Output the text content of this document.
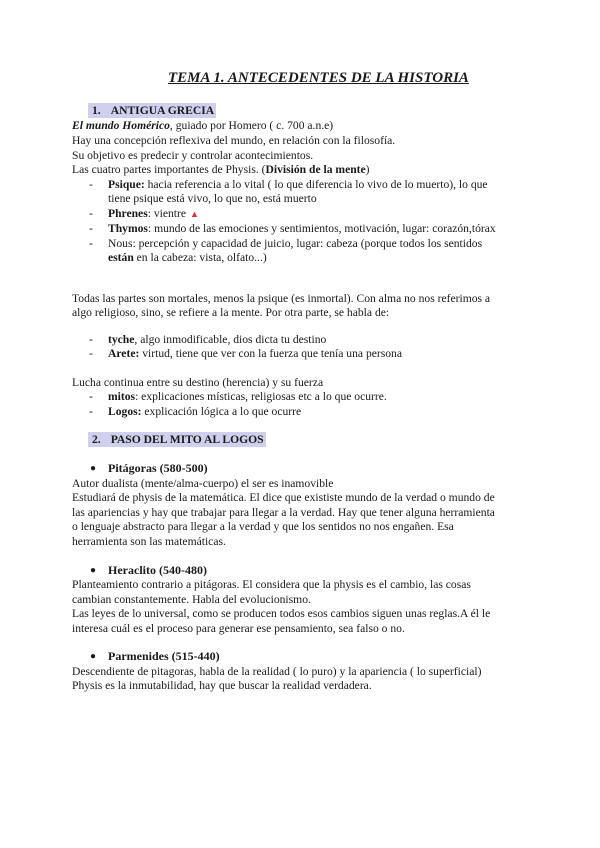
TEMA 1. ANTECEDENTES DE LA HISTORIA
1. ANTIGUA GRECIA
El mundo Homérico, guiado por Homero ( c. 700 a.n.e)
Hay una concepción reflexiva del mundo, en relación con la filosofía.
Su objetivo es predecir y controlar acontecimientos.
Las cuatro partes importantes de Physis. (División de la mente)
- Psique: hacia referencia a lo vital ( lo que diferencia lo vivo de lo muerto), lo que
tiene psique está vivo, lo que no, está muerto
- Phrenes: vientre ▲
- Thymos: mundo de las emociones y sentimientos, motivación, lugar: corazón,tórax
- Nous: percepción y capacidad de juicio, lugar: cabeza (porque todos los sentidos
están en la cabeza: vista, olfato...)
Todas las partes son mortales, menos la psique (es inmortal). Con alma no nos referimos a
algo religioso, sino, se refiere a la mente. Por otra parte, se habla de:
- tyche, algo inmodificable, dios dicta tu destino
- Arete: virtud, tiene que ver con la fuerza que tenía una persona
Lucha continua entre su destino (herencia) y su fuerza
- mitos: explicaciones místicas, religiosas etc a lo que ocurre.
- Logos: explicación lógica a lo que ocurre
2. PASO DEL MITO AL LOGOS
● Pitágoras (580-500)
Autor dualista (mente/alma-cuerpo) el ser es inamovible
Estudiará de physis de la matemática. El dice que exististe mundo de la verdad o mundo de
las apariencias y hay que trabajar para llegar a la verdad. Hay que tener alguna herramienta
o lenguaje abstracto para llegar a la verdad y que los sentidos no nos engañen. Esa
herramienta son las matemáticas.
● Heraclito (540-480)
Planteamiento contrario a pitágoras. El considera que la physis es el cambio, las cosas
cambian constantemente. Habla del evolucionismo.
Las leyes de lo universal, como se producen todos esos cambios siguen unas reglas.A él le
interesa cuál es el proceso para generar ese pensamiento, sea falso o no.
● Parmenides (515-440)
Descendiente de pitagoras, habla de la realidad ( lo puro) y la apariencia ( lo superficial)
Physis es la inmutabilidad, hay que buscar la realidad verdadera.
